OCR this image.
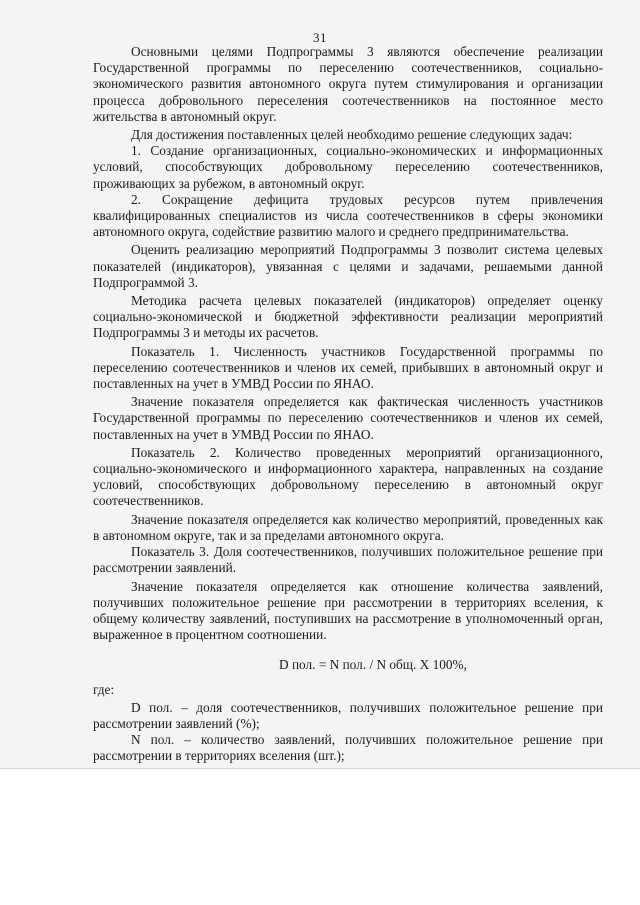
31

Основными целями Подпрограммы 3 являются обеспечение реализации Государственной программы по переселению соотечественников, социально-экономического развития автономного округа путем стимулирования и организации процесса добровольного переселения соотечественников на постоянное место жительства в автономный округ.

Для достижения поставленных целей необходимо решение следующих задач:

1. Создание организационных, социально-экономических и информационных условий, способствующих добровольному переселению соотечественников, проживающих за рубежом, в автономный округ.

2. Сокращение дефицита трудовых ресурсов путем привлечения квалифицированных специалистов из числа соотечественников в сферы экономики автономного округа, содействие развитию малого и среднего предпринимательства.

Оценить реализацию мероприятий Подпрограммы 3 позволит система целевых показателей (индикаторов), увязанная с целями и задачами, решаемыми данной Подпрограммой 3.

Методика расчета целевых показателей (индикаторов) определяет оценку социально-экономической и бюджетной эффективности реализации мероприятий Подпрограммы 3 и методы их расчетов.

Показатель 1. Численность участников Государственной программы по переселению соотечественников и членов их семей, прибывших в автономный округ и поставленных на учет в УМВД России по ЯНАО.

Значение показателя определяется как фактическая численность участников Государственной программы по переселению соотечественников и членов их семей, поставленных на учет в УМВД России по ЯНАО.

Показатель 2. Количество проведенных мероприятий организационного, социально-экономического и информационного характера, направленных на создание условий, способствующих добровольному переселению в автономный округ соотечественников.

Значение показателя определяется как количество мероприятий, проведенных как в автономном округе, так и за пределами автономного округа.

Показатель 3. Доля соотечественников, получивших положительное решение при рассмотрении заявлений.

Значение показателя определяется как отношение количества заявлений, получивших положительное решение при рассмотрении в территориях вселения, к общему количеству заявлений, поступивших на рассмотрение в уполномоченный орган, выраженное в процентном соотношении.

D пол. = N пол. / N общ. Х 100%,

где:

D пол. – доля соотечественников, получивших положительное решение при рассмотрении заявлений (%);

N пол. – количество заявлений, получивших положительное решение при рассмотрении в территориях вселения (шт.);
